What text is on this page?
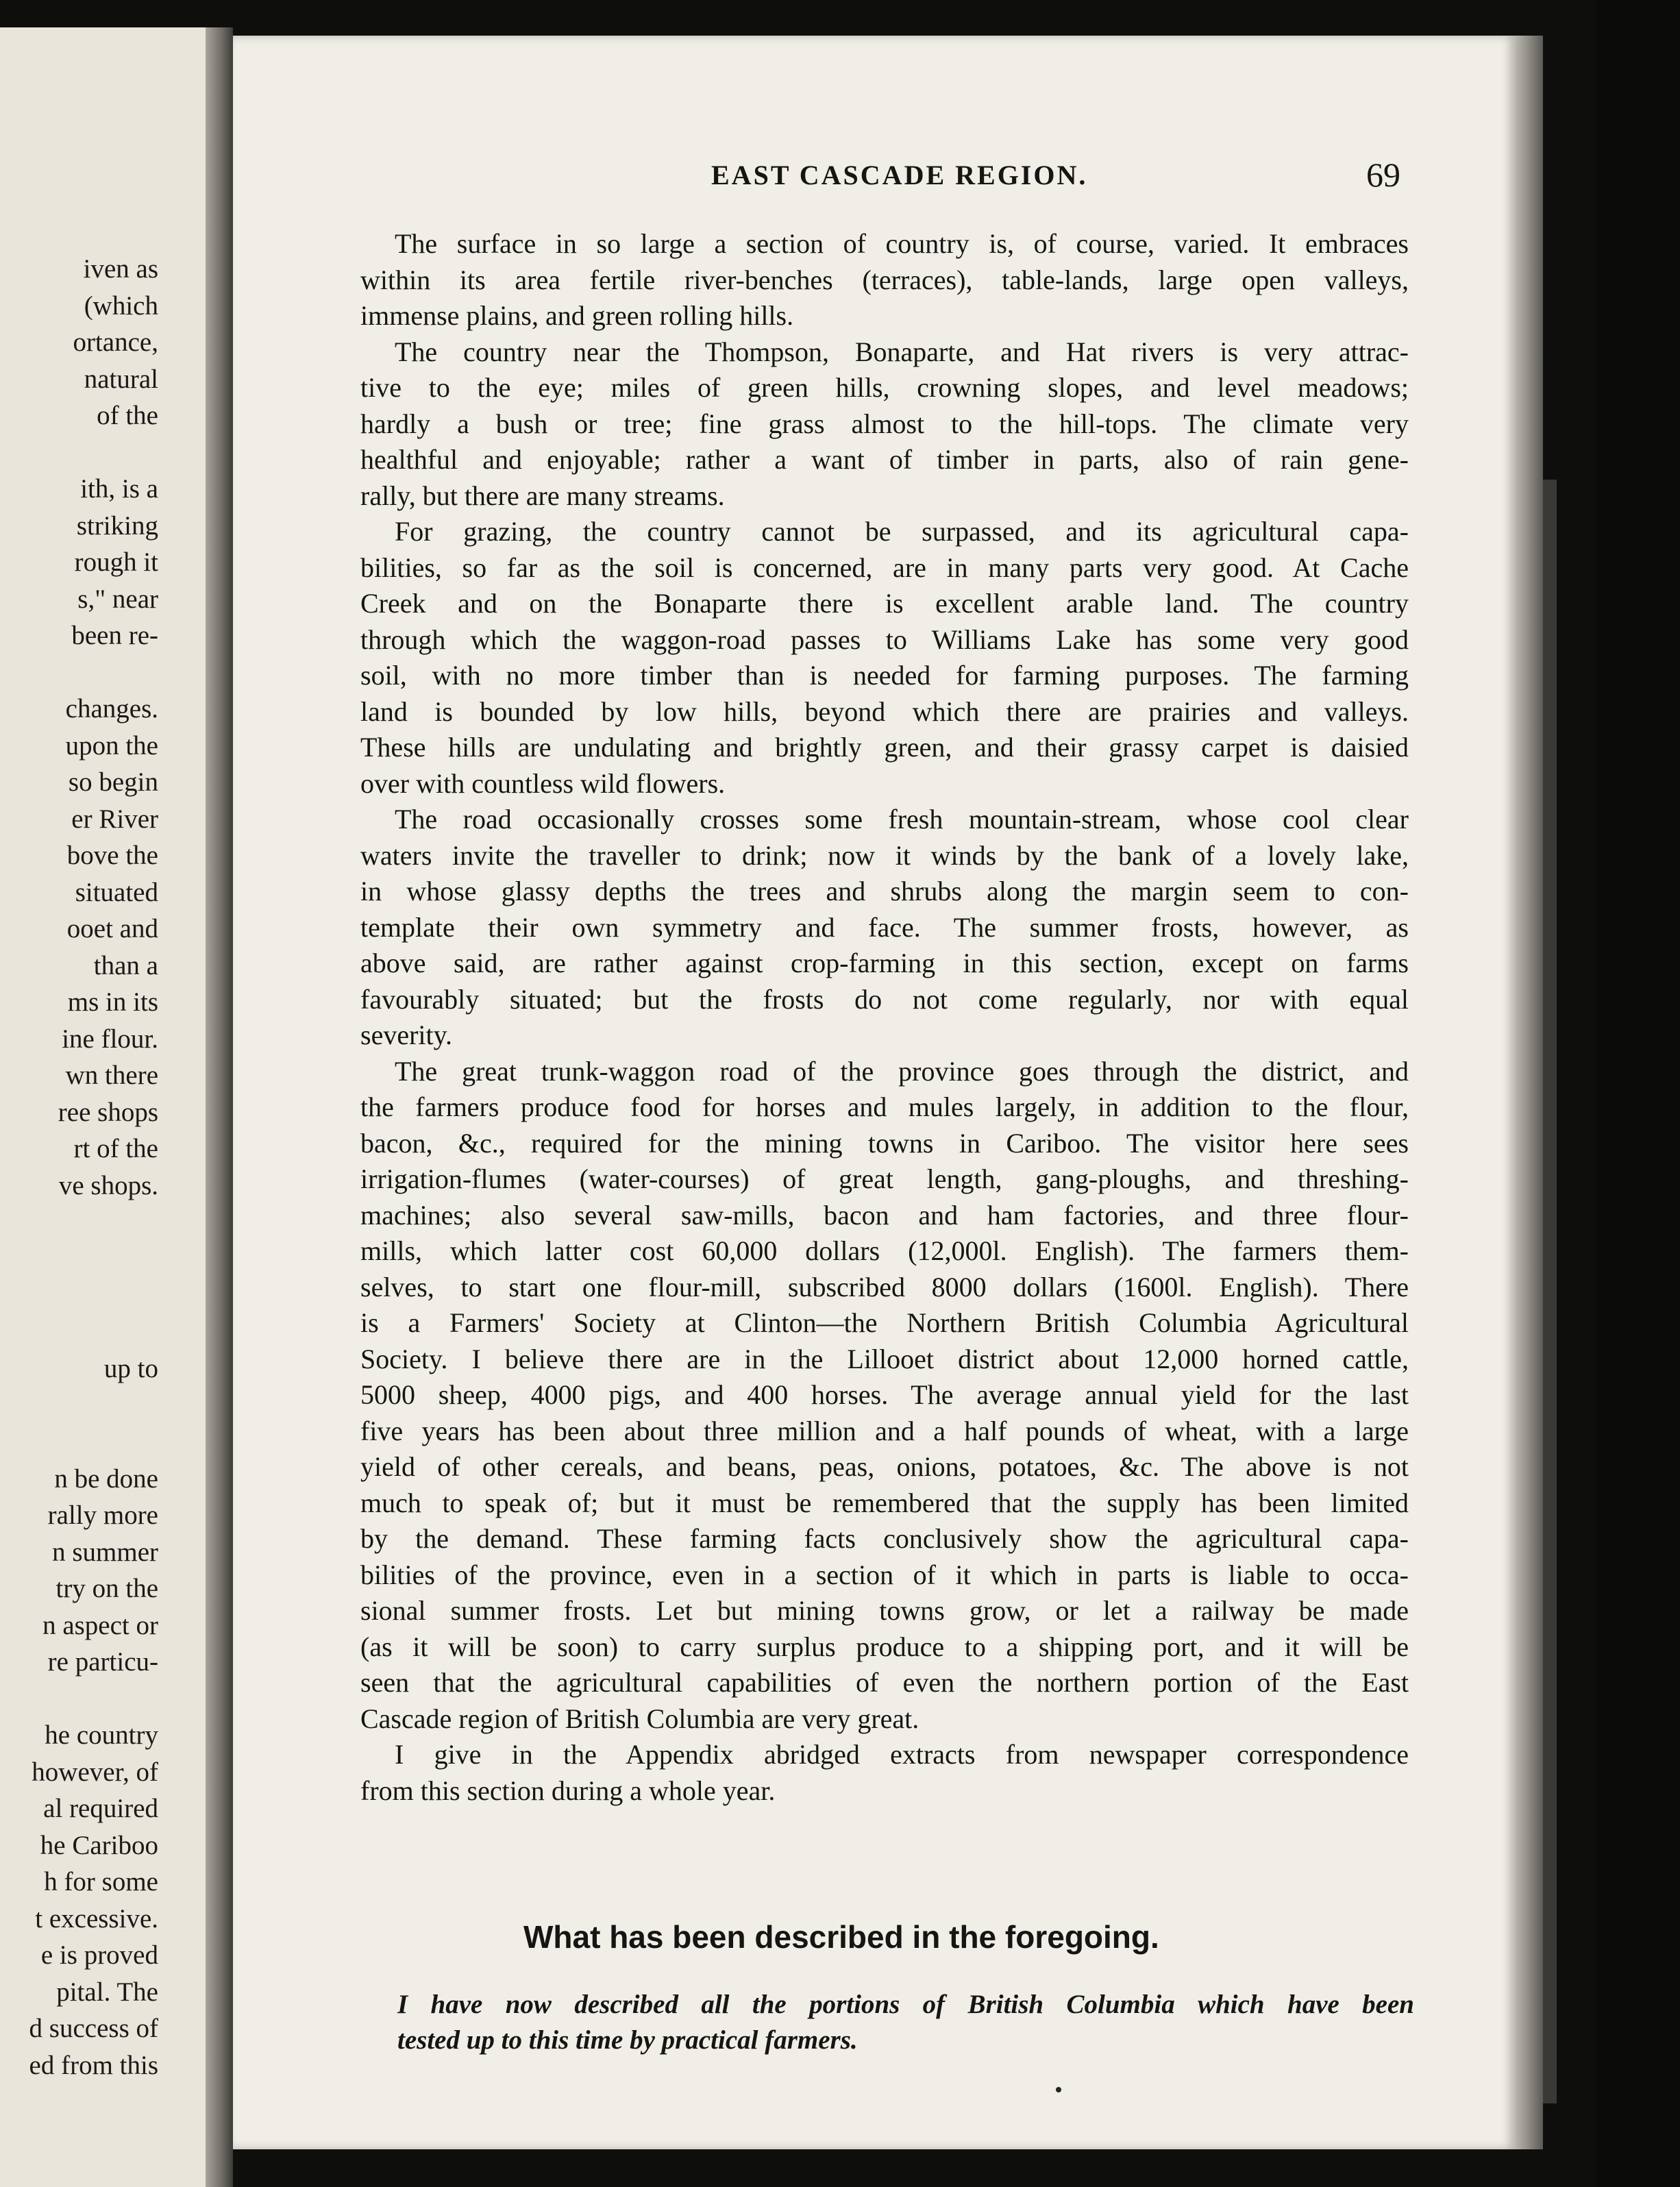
iven as
(which
ortance,
natural
of the
ith, is a
striking
rough it
s," near
been re-
changes.
upon the
so begin
er River
bove the
situated
ooet and
than a
ms in its
ine flour.
wn there
ree shops
rt of the
ve shops.
up to
n be done
rally more
n summer
try on the
n aspect or
re particu-
he country
however, of
al required
he Cariboo
h for some
t excessive.
e is proved
pital. The
d success of
ed from this
EAST CASCADE REGION.	69
The surface in so large a section of country is, of course, varied. It embraces
within its area fertile river-benches (terraces), table-lands, large open valleys,
immense plains, and green rolling hills.
The country near the Thompson, Bonaparte, and Hat rivers is very attrac-
tive to the eye; miles of green hills, crowning slopes, and level meadows;
hardly a bush or tree; fine grass almost to the hill-tops. The climate very
healthful and enjoyable; rather a want of timber in parts, also of rain gene-
rally, but there are many streams.
For grazing, the country cannot be surpassed, and its agricultural capa-
bilities, so far as the soil is concerned, are in many parts very good. At Cache
Creek and on the Bonaparte there is excellent arable land. The country
through which the waggon-road passes to Williams Lake has some very good
soil, with no more timber than is needed for farming purposes. The farming
land is bounded by low hills, beyond which there are prairies and valleys.
These hills are undulating and brightly green, and their grassy carpet is daisied
over with countless wild flowers.
The road occasionally crosses some fresh mountain-stream, whose cool clear
waters invite the traveller to drink; now it winds by the bank of a lovely lake,
in whose glassy depths the trees and shrubs along the margin seem to con-
template their own symmetry and face. The summer frosts, however, as
above said, are rather against crop-farming in this section, except on farms
favourably situated; but the frosts do not come regularly, nor with equal
severity.
The great trunk-waggon road of the province goes through the district, and
the farmers produce food for horses and mules largely, in addition to the flour,
bacon, &c., required for the mining towns in Cariboo. The visitor here sees
irrigation-flumes (water-courses) of great length, gang-ploughs, and threshing-
machines; also several saw-mills, bacon and ham factories, and three flour-
mills, which latter cost 60,000 dollars (12,000l. English). The farmers them-
selves, to start one flour-mill, subscribed 8000 dollars (1600l. English). There
is a Farmers' Society at Clinton—the Northern British Columbia Agricultural
Society. I believe there are in the Lillooet district about 12,000 horned cattle,
5000 sheep, 4000 pigs, and 400 horses. The average annual yield for the last
five years has been about three million and a half pounds of wheat, with a large
yield of other cereals, and beans, peas, onions, potatoes, &c. The above is not
much to speak of; but it must be remembered that the supply has been limited
by the demand. These farming facts conclusively show the agricultural capa-
bilities of the province, even in a section of it which in parts is liable to occa-
sional summer frosts. Let but mining towns grow, or let a railway be made
(as it will be soon) to carry surplus produce to a shipping port, and it will be
seen that the agricultural capabilities of even the northern portion of the East
Cascade region of British Columbia are very great.
I give in the Appendix abridged extracts from newspaper correspondence
from this section during a whole year.
What has been described in the foregoing.
I have now described all the portions of British Columbia which have been
tested up to this time by practical farmers.
